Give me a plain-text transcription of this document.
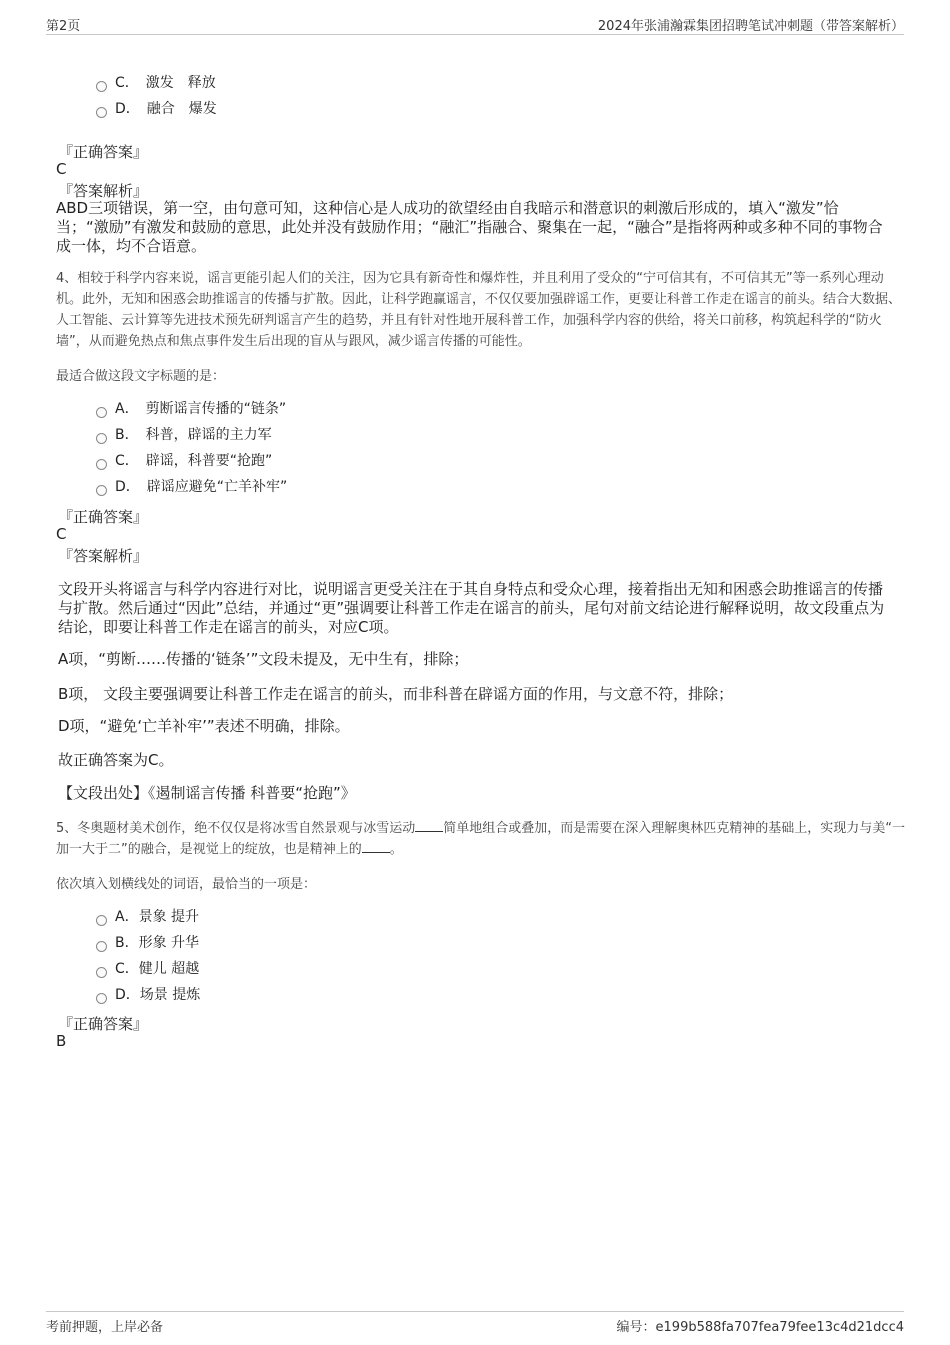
第2页	2024年张浦瀚霖集团招聘笔试冲刺题（带答案解析）
C．　激发　释放
D．　融合　爆发
『正确答案』
C
『答案解析』
ABD三项错误，第一空，由句意可知，这种信心是人成功的欲望经由自我暗示和潜意识的刺激后形成的，填入“激发”恰当；“激励”有激发和鼓励的意思，此处并没有鼓励作用；“融汇”指融合、聚集在一起，“融合”是指将两种或多种不同的事物合成一体，均不合语意。
4、相较于科学内容来说，谣言更能引起人们的关注，因为它具有新奇性和爆炸性，并且利用了受众的“宁可信其有，不可信其无”等一系列心理动机。此外，无知和困惑会助推谣言的传播与扩散。因此，让科学跑赢谣言，不仅仅要加强辟谣工作，更要让科普工作走在谣言的前头。结合大数据、人工智能、云计算等先进技术预先研判谣言产生的趋势，并且有针对性地开展科普工作，加强科学内容的供给，将关口前移，构筑起科学的“防火墙”，从而避免热点和焦点事件发生后出现的盲从与跟风，减少谣言传播的可能性。
最适合做这段文字标题的是：
A．　剪断谣言传播的“链条”
B．　科普，辟谣的主力军
C．　辟谣，科普要“抢跑”
D．　辟谣应避免“亡羊补牢”
『正确答案』
C
『答案解析』
文段开头将谣言与科学内容进行对比，说明谣言更受关注在于其自身特点和受众心理，接着指出无知和困惑会助推谣言的传播与扩散。然后通过“因此”总结，并通过“更”强调要让科普工作走在谣言的前头，尾句对前文结论进行解释说明，故文段重点为结论，即要让科普工作走在谣言的前头，对应C项。
A项，“剪断……传播的‘链条’”文段未提及，无中生有，排除；
B项， 文段主要强调要让科普工作走在谣言的前头，而非科普在辟谣方面的作用，与文意不符，排除；
D项，“避免‘亡羊补牢’”表述不明确，排除。
故正确答案为C。
【文段出处】《遏制谣言传播 科普要“抢跑”》
5、冬奥题材美术创作，绝不仅仅是将冰雪自然景观与冰雪运动 简单地组合或叠加，而是需要在深入理解奥林匹克精神的基础上，实现力与美“一加一大于二”的融合，是视觉上的绽放，也是精神上的 。
依次填入划横线处的词语，最恰当的一项是：
A．景象 提升
B．形象 升华
C．健儿 超越
D．场景 提炼
『正确答案』
B
考前押题，上岸必备	编号：e199b588fa707fea79fee13c4d21dcc4
